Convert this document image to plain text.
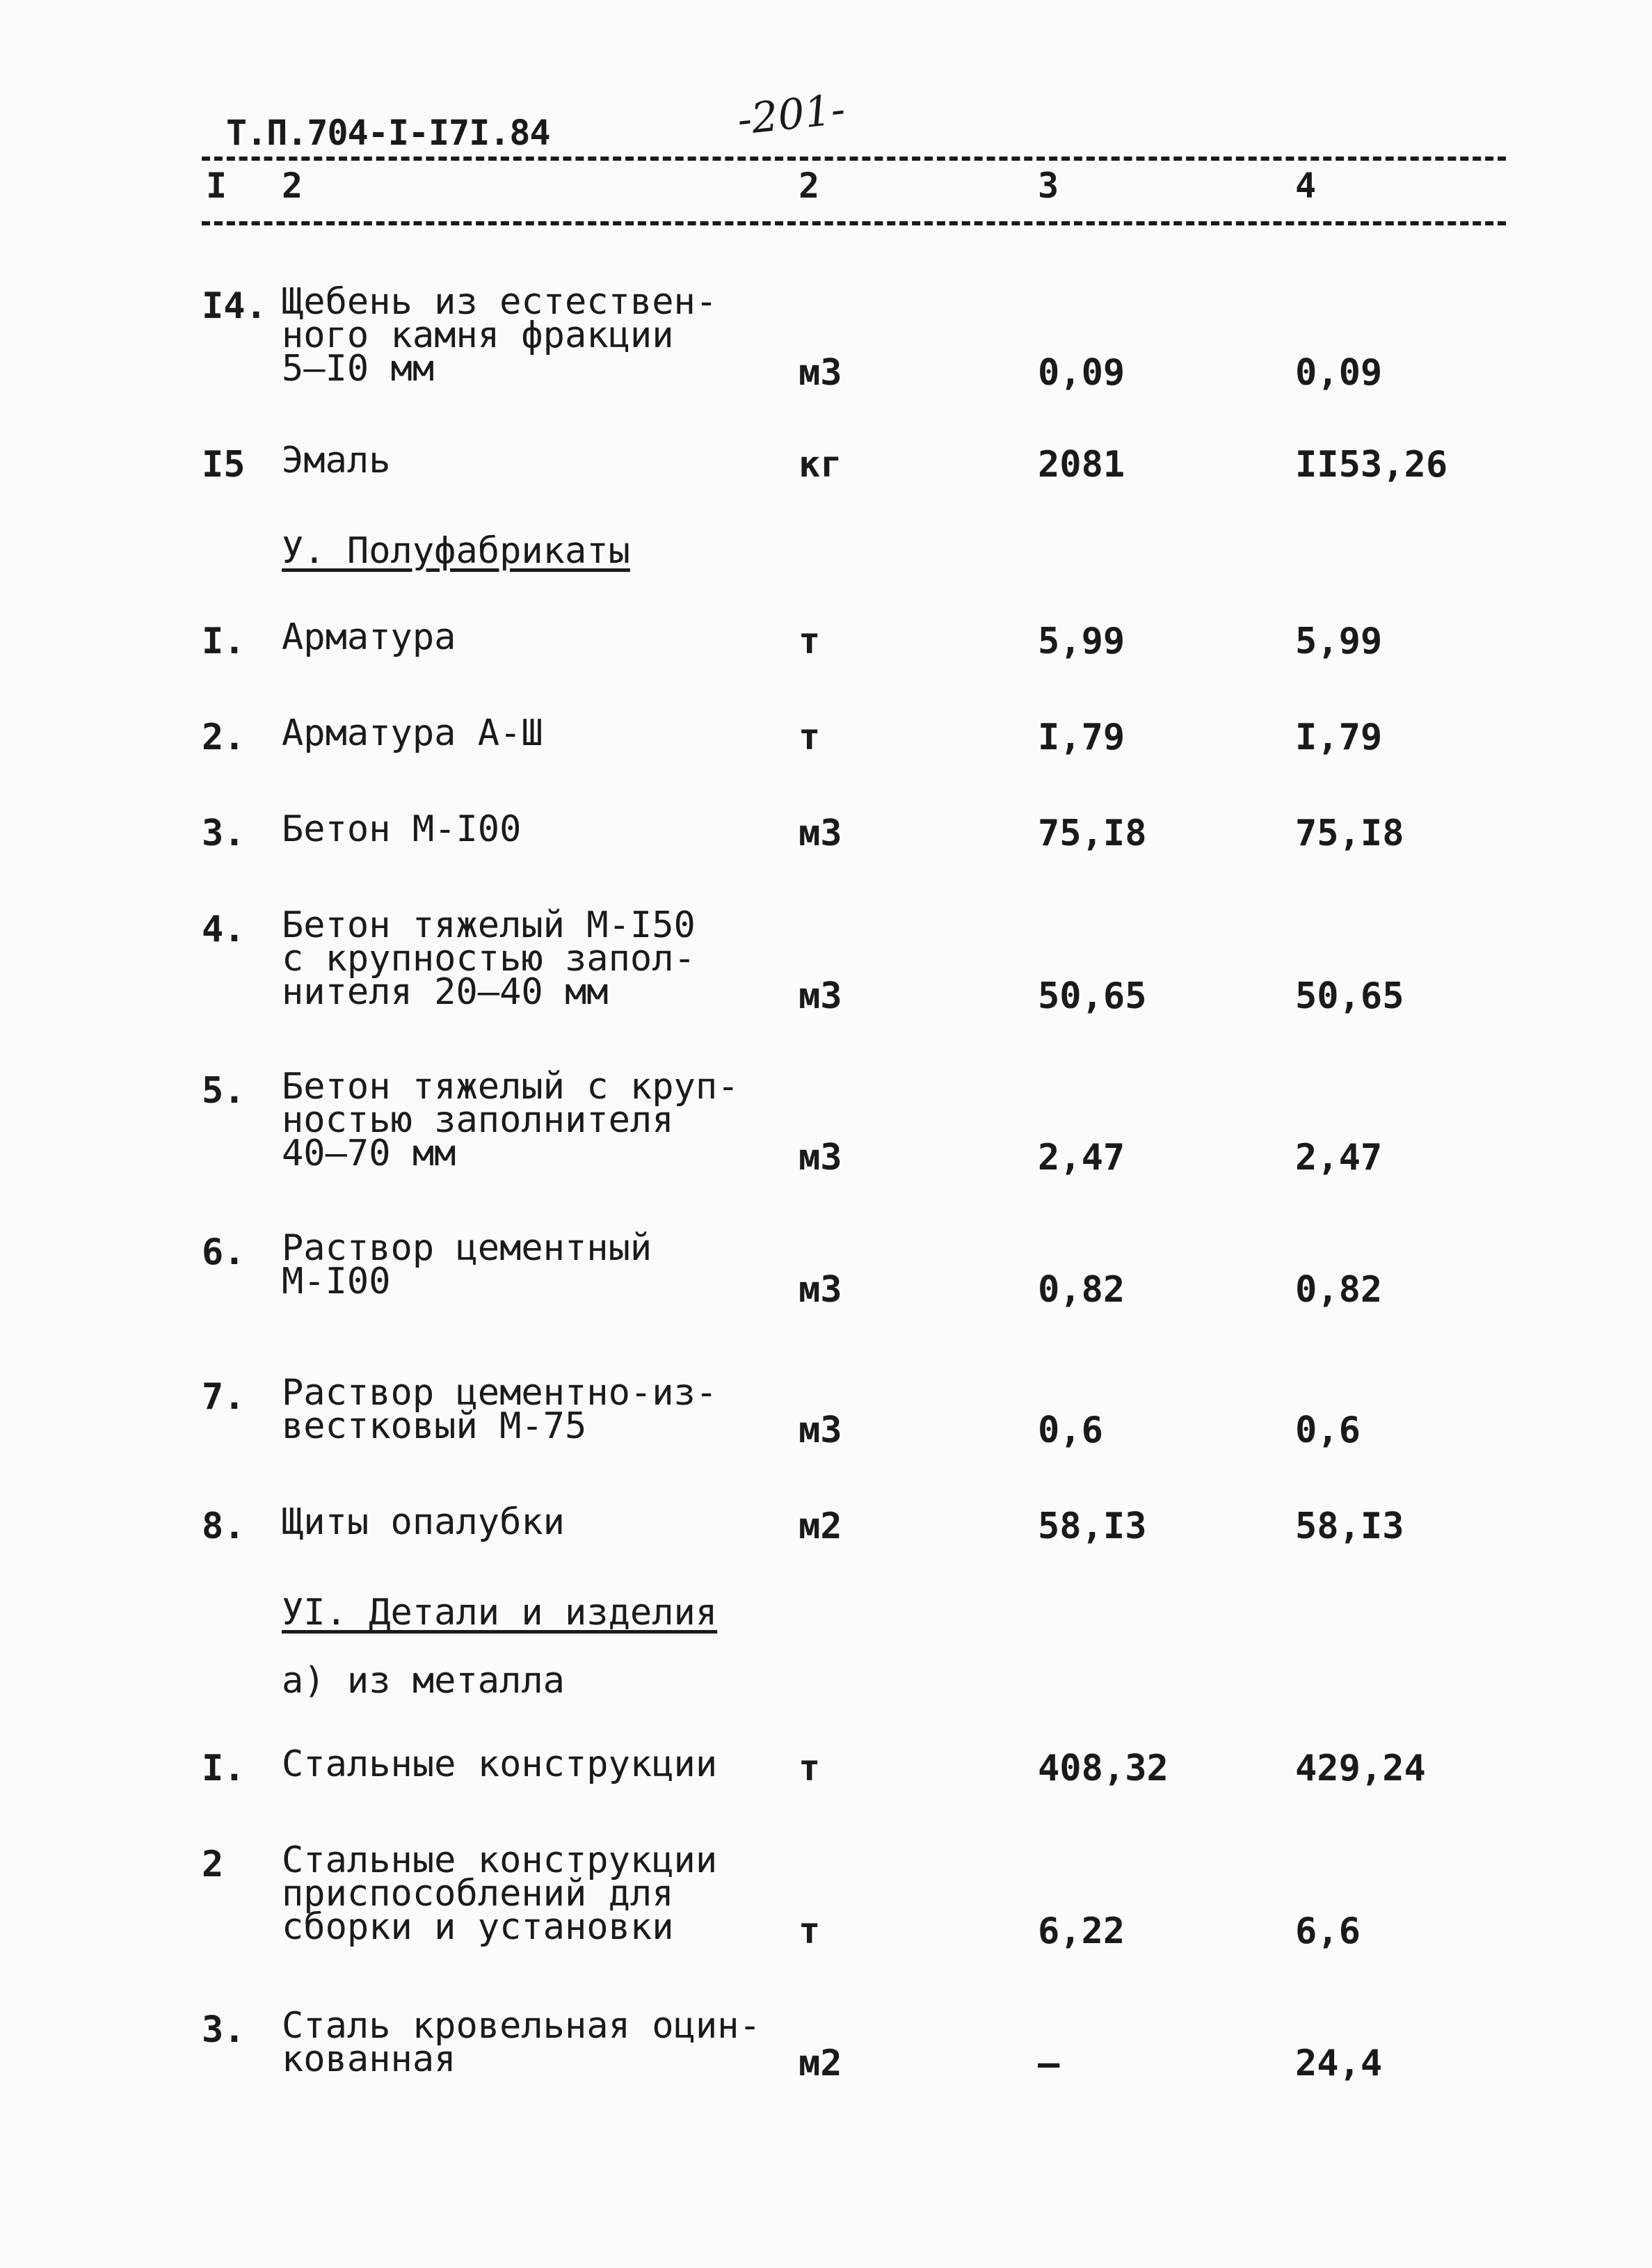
Т.П.704-I-I7I.84	-201-
I 2	2	3	4
I4. Щебень из естествен-
ного камня фракции
5–I0 мм	м3	0,09	0,09
I5 Эмаль	кг	2081	II53,26
У. Полуфабрикаты
I. Арматура	т	5,99	5,99
2. Арматура А-Ш	т	I,79	I,79
3. Бетон М-I00	м3	75,I8	75,I8
4. Бетон тяжелый М-I50
с крупностью запол-
нителя 20–40 мм	м3	50,65	50,65
5. Бетон тяжелый с круп-
ностью заполнителя
40–70 мм	м3	2,47	2,47
6. Раствор цементный
М-I00	м3	0,82	0,82
7. Раствор цементно-из-
вестковый М-75	м3	0,6	0,6
8. Щиты опалубки	м2	58,I3	58,I3
УI. Детали и изделия
а) из металла
I. Стальные конструкции	т	408,32	429,24
2 Стальные конструкции
приспособлений для
сборки и установки	т	6,22	6,6
3. Сталь кровельная оцин-
кованная	м2	–	24,4
